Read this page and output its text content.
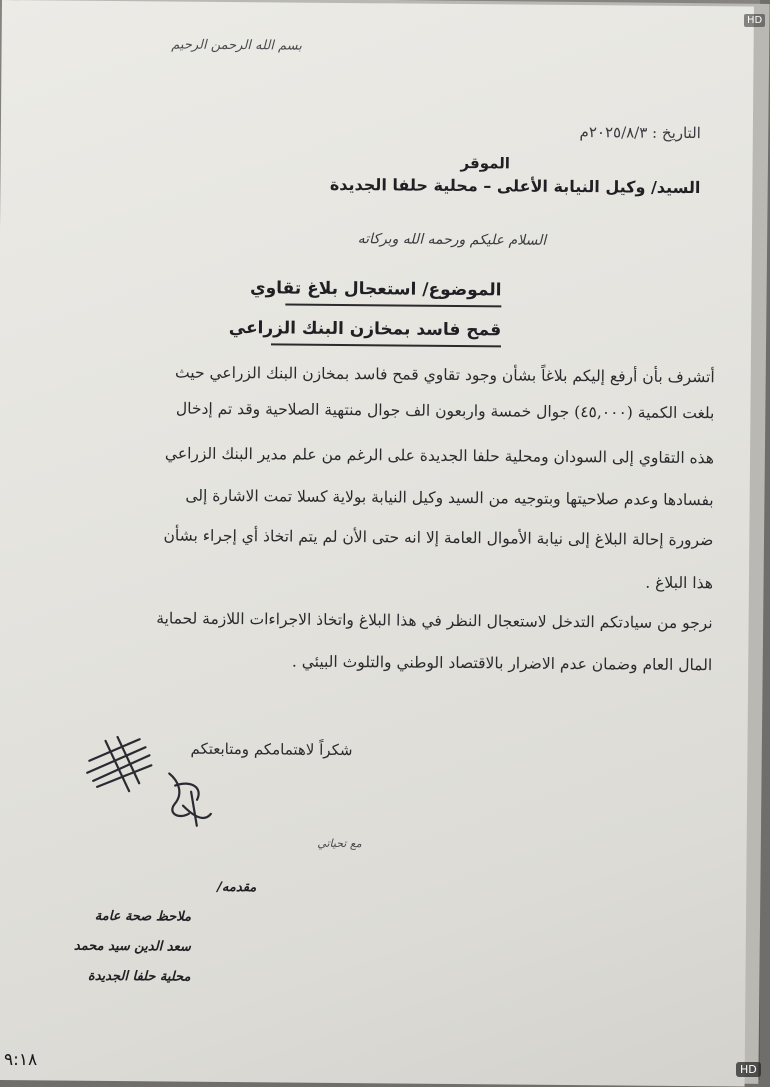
بسم الله الرحمن الرحيم
التاريخ : ٢٠٢٥/٨/٣م
الموقر
السيد/ وكيل النيابة الأعلى – محلية حلفا الجديدة
السلام عليكم ورحمه الله وبركاته
الموضوع/ استعجال بلاغ تقاوي
قمح فاسد بمخازن البنك الزراعي
أتشرف بأن أرفع إليكم بلاغاً بشأن وجود تقاوي قمح فاسد بمخازن البنك الزراعي حيث
بلغت الكمية (٤٥,٠٠٠) جوال خمسة واربعون الف جوال منتهية الصلاحية وقد تم إدخال
هذه التقاوي إلى السودان ومحلية حلفا الجديدة على الرغم من علم مدير البنك الزراعي
بفسادها وعدم صلاحيتها وبتوجيه من السيد وكيل النيابة بولاية كسلا تمت الاشارة إلى
ضرورة إحالة البلاغ إلى نيابة الأموال العامة إلا انه حتى الأن لم يتم اتخاذ أي إجراء بشأن
هذا البلاغ .
نرجو من سيادتكم التدخل لاستعجال النظر في هذا البلاغ واتخاذ الاجراءات اللازمة لحماية
المال العام وضمان عدم الاضرار بالاقتصاد الوطني والتلوث البيئي .
شكراً لاهتمامكم ومتابعتكم
مع تحياتي
مقدمه/
ملاحظ صحة عامة
سعد الدين سيد محمد
محلية حلفا الجديدة
٩:١٨	HD
HD
